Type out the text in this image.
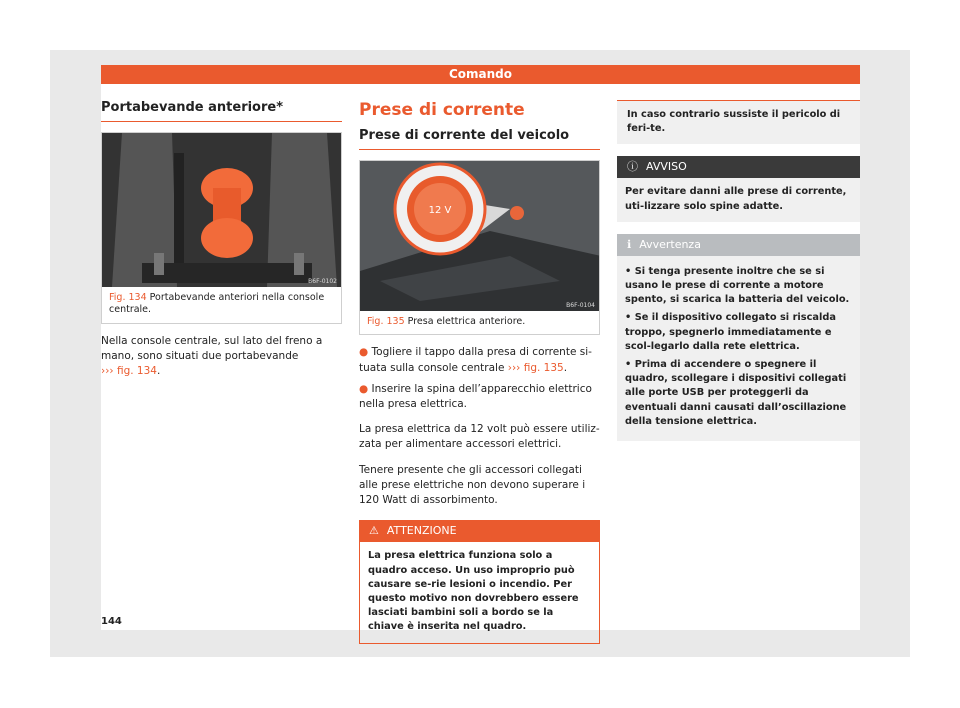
Comando
Portabevande anteriore*
B6F-0102
Fig. 134 Portabevande anteriori nella console centrale.

Nella console centrale, sul lato del freno a mano, sono situati due portabevande
››› fig. 134.

Prese di corrente
Prese di corrente del veicolo
12 V
B6F-0104
Fig. 135 Presa elettrica anteriore.
● Togliere il tappo dalla presa di corrente si-tuata sulla console centrale ››› fig. 135.
● Inserire la spina dell’apparecchio elettrico nella presa elettrica.

La presa elettrica da 12 volt può essere utiliz-zata per alimentare accessori elettrici.

Tenere presente che gli accessori collegati alle prese elettriche non devono superare i 120 Watt di assorbimento.

⚠ ATTENZIONE
La presa elettrica funziona solo a quadro acceso. Un uso improprio può causare se-rie lesioni o incendio. Per questo motivo non dovrebbero essere lasciati bambini soli a bordo se la chiave è inserita nel quadro.
In caso contrario sussiste il pericolo di feri-te.
ⓘ AVVISO
Per evitare danni alle prese di corrente, uti-lizzare solo spine adatte.
ℹ Avvertenza
• Si tenga presente inoltre che se si usano le prese di corrente a motore spento, si scarica la batteria del veicolo.
• Se il dispositivo collegato si riscalda troppo, spegnerlo immediatamente e scol-legarlo dalla rete elettrica.
• Prima di accendere o spegnere il quadro, scollegare i dispositivi collegati alle porte USB per proteggerli da eventuali danni causati dall’oscillazione della tensione elettrica.
144
